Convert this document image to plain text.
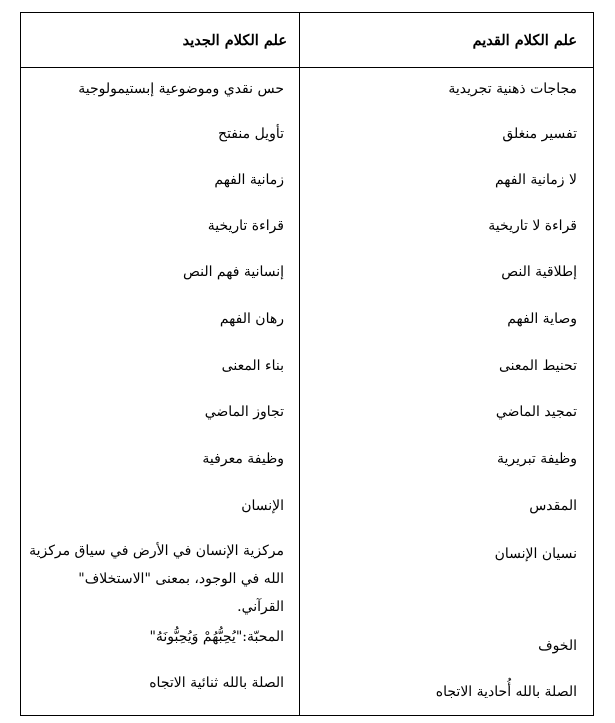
علم الكلام القديم
علم الكلام الجديد
مجاجات ذهنية تجريدية
تفسير منغلق
لا زمانية الفهم
قراءة لا تاريخية
إطلاقية النص
وصاية الفهم
تحنيط المعنى
تمجيد الماضي
وظيفة تبريرية
المقدس
نسيان الإنسان
الخوف
الصلة بالله أُحادية الاتجاه
حس نقدي وموضوعية إبستيمولوجية
تأويل منفتح
زمانية الفهم
قراءة تاريخية
إنسانية فهم النص
رهان الفهم
بناء المعنى
تجاوز الماضي
وظيفة معرفية
الإنسان
مركزية الإنسان في الأرض في سياق مركزية الله في الوجود، بمعنى "الاستخلاف" القرآني.
المحبّة:"يُحِبُّهُمْ وَيُحِبُّونَهُ"
الصلة بالله ثنائية الاتجاه
